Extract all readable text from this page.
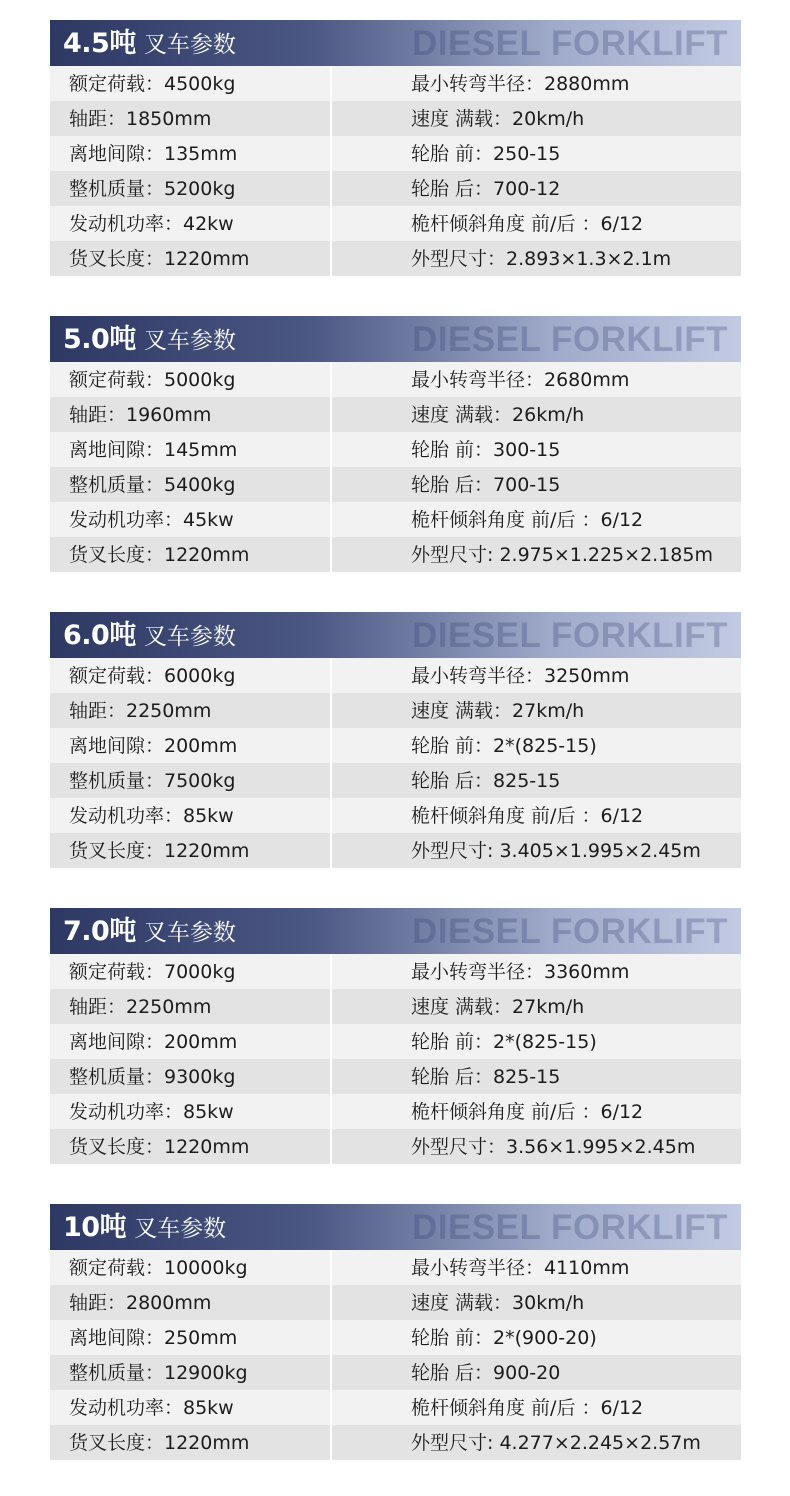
4.5吨 叉车参数	DIESEL FORKLIFT
额定荷载：4500kg	最小转弯半径：2880mm
轴距：1850mm	速度 满载：20km/h
离地间隙：135mm	轮胎 前：250-15
整机质量：5200kg	轮胎 后：700-12
发动机功率：42kw	桅杆倾斜角度 前/后 ：6/12
货叉长度：1220mm	外型尺寸：2.893×1.3×2.1m
5.0吨 叉车参数	DIESEL FORKLIFT
额定荷载：5000kg	最小转弯半径：2680mm
轴距：1960mm	速度 满载：26km/h
离地间隙：145mm	轮胎 前：300-15
整机质量：5400kg	轮胎 后：700-15
发动机功率：45kw	桅杆倾斜角度 前/后 ：6/12
货叉长度：1220mm	外型尺寸: 2.975×1.225×2.185m
6.0吨 叉车参数	DIESEL FORKLIFT
额定荷载：6000kg	最小转弯半径：3250mm
轴距：2250mm	速度 满载：27km/h
离地间隙：200mm	轮胎 前：2*(825-15)
整机质量：7500kg	轮胎 后：825-15
发动机功率：85kw	桅杆倾斜角度 前/后 ：6/12
货叉长度：1220mm	外型尺寸: 3.405×1.995×2.45m
7.0吨 叉车参数	DIESEL FORKLIFT
额定荷载：7000kg	最小转弯半径：3360mm
轴距：2250mm	速度 满载：27km/h
离地间隙：200mm	轮胎 前：2*(825-15)
整机质量：9300kg	轮胎 后：825-15
发动机功率：85kw	桅杆倾斜角度 前/后 ：6/12
货叉长度：1220mm	外型尺寸：3.56×1.995×2.45m
10吨 叉车参数	DIESEL FORKLIFT
额定荷载：10000kg	最小转弯半径：4110mm
轴距：2800mm	速度 满载：30km/h
离地间隙：250mm	轮胎 前：2*(900-20)
整机质量：12900kg	轮胎 后：900-20
发动机功率：85kw	桅杆倾斜角度 前/后 ：6/12
货叉长度：1220mm	外型尺寸: 4.277×2.245×2.57m
